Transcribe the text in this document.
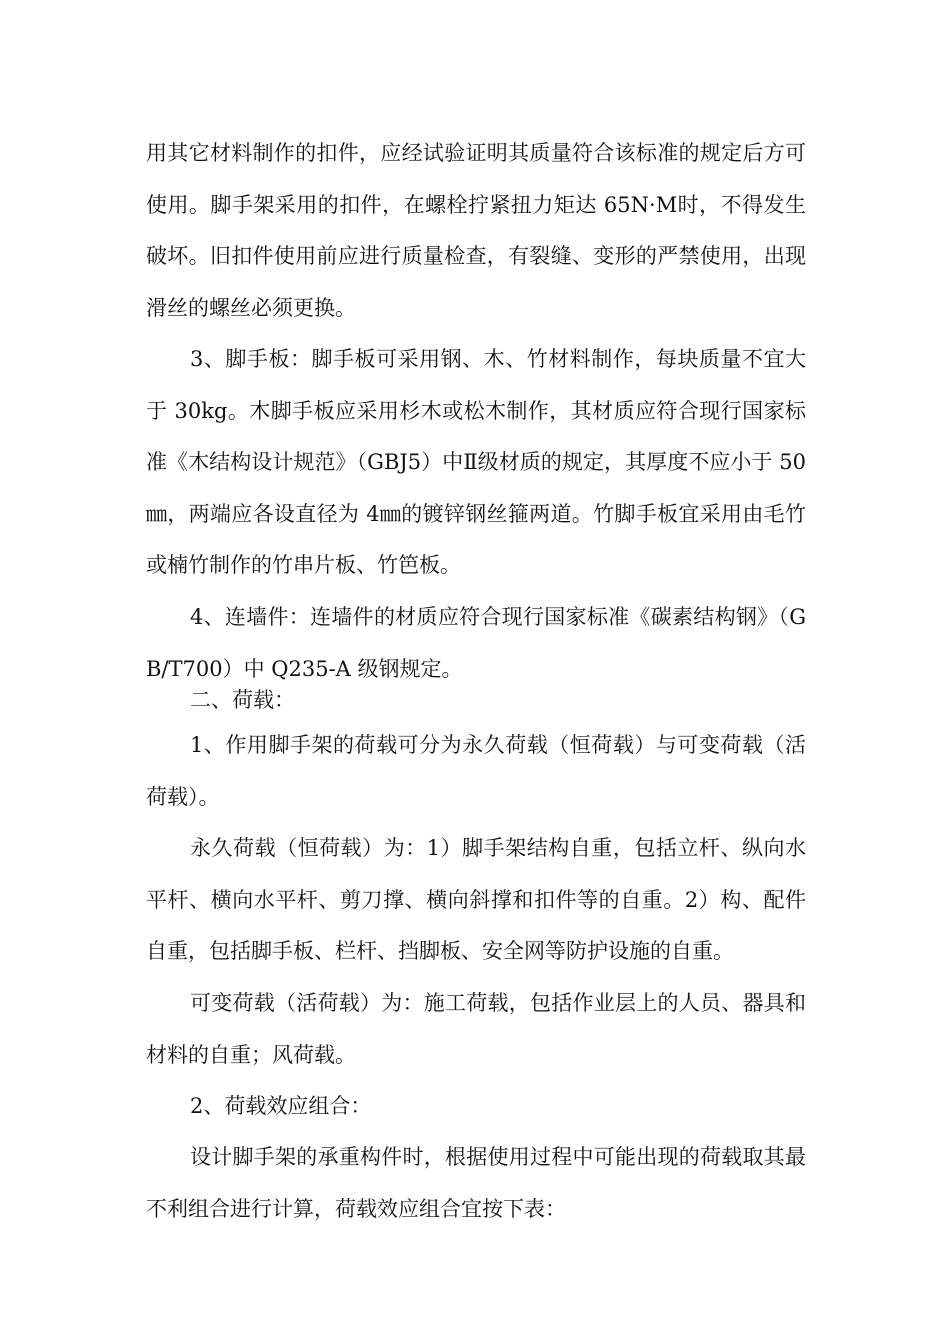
用其它材料制作的扣件，应经试验证明其质量符合该标准的规定后方可使用。脚手架采用的扣件，在螺栓拧紧扭力矩达 65N·M时，不得发生破坏。旧扣件使用前应进行质量检查，有裂缝、变形的严禁使用，出现滑丝的螺丝必须更换。

3、脚手板：脚手板可采用钢、木、竹材料制作，每块质量不宜大于 30kg。木脚手板应采用杉木或松木制作，其材质应符合现行国家标准《木结构设计规范》（GBJ5）中Ⅱ级材质的规定，其厚度不应小于 50㎜，两端应各设直径为 4㎜的镀锌钢丝箍两道。竹脚手板宜采用由毛竹或楠竹制作的竹串片板、竹笆板。

4、连墙件：连墙件的材质应符合现行国家标准《碳素结构钢》（GB/T700）中 Q235-A 级钢规定。

二、荷载：

1、作用脚手架的荷载可分为永久荷载（恒荷载）与可变荷载（活荷载）。

永久荷载（恒荷载）为：1）脚手架结构自重，包括立杆、纵向水平杆、横向水平杆、剪刀撑、横向斜撑和扣件等的自重。2）构、配件自重，包括脚手板、栏杆、挡脚板、安全网等防护设施的自重。

可变荷载（活荷载）为：施工荷载，包括作业层上的人员、器具和材料的自重；风荷载。

2、荷载效应组合：

设计脚手架的承重构件时，根据使用过程中可能出现的荷载取其最不利组合进行计算，荷载效应组合宜按下表：
